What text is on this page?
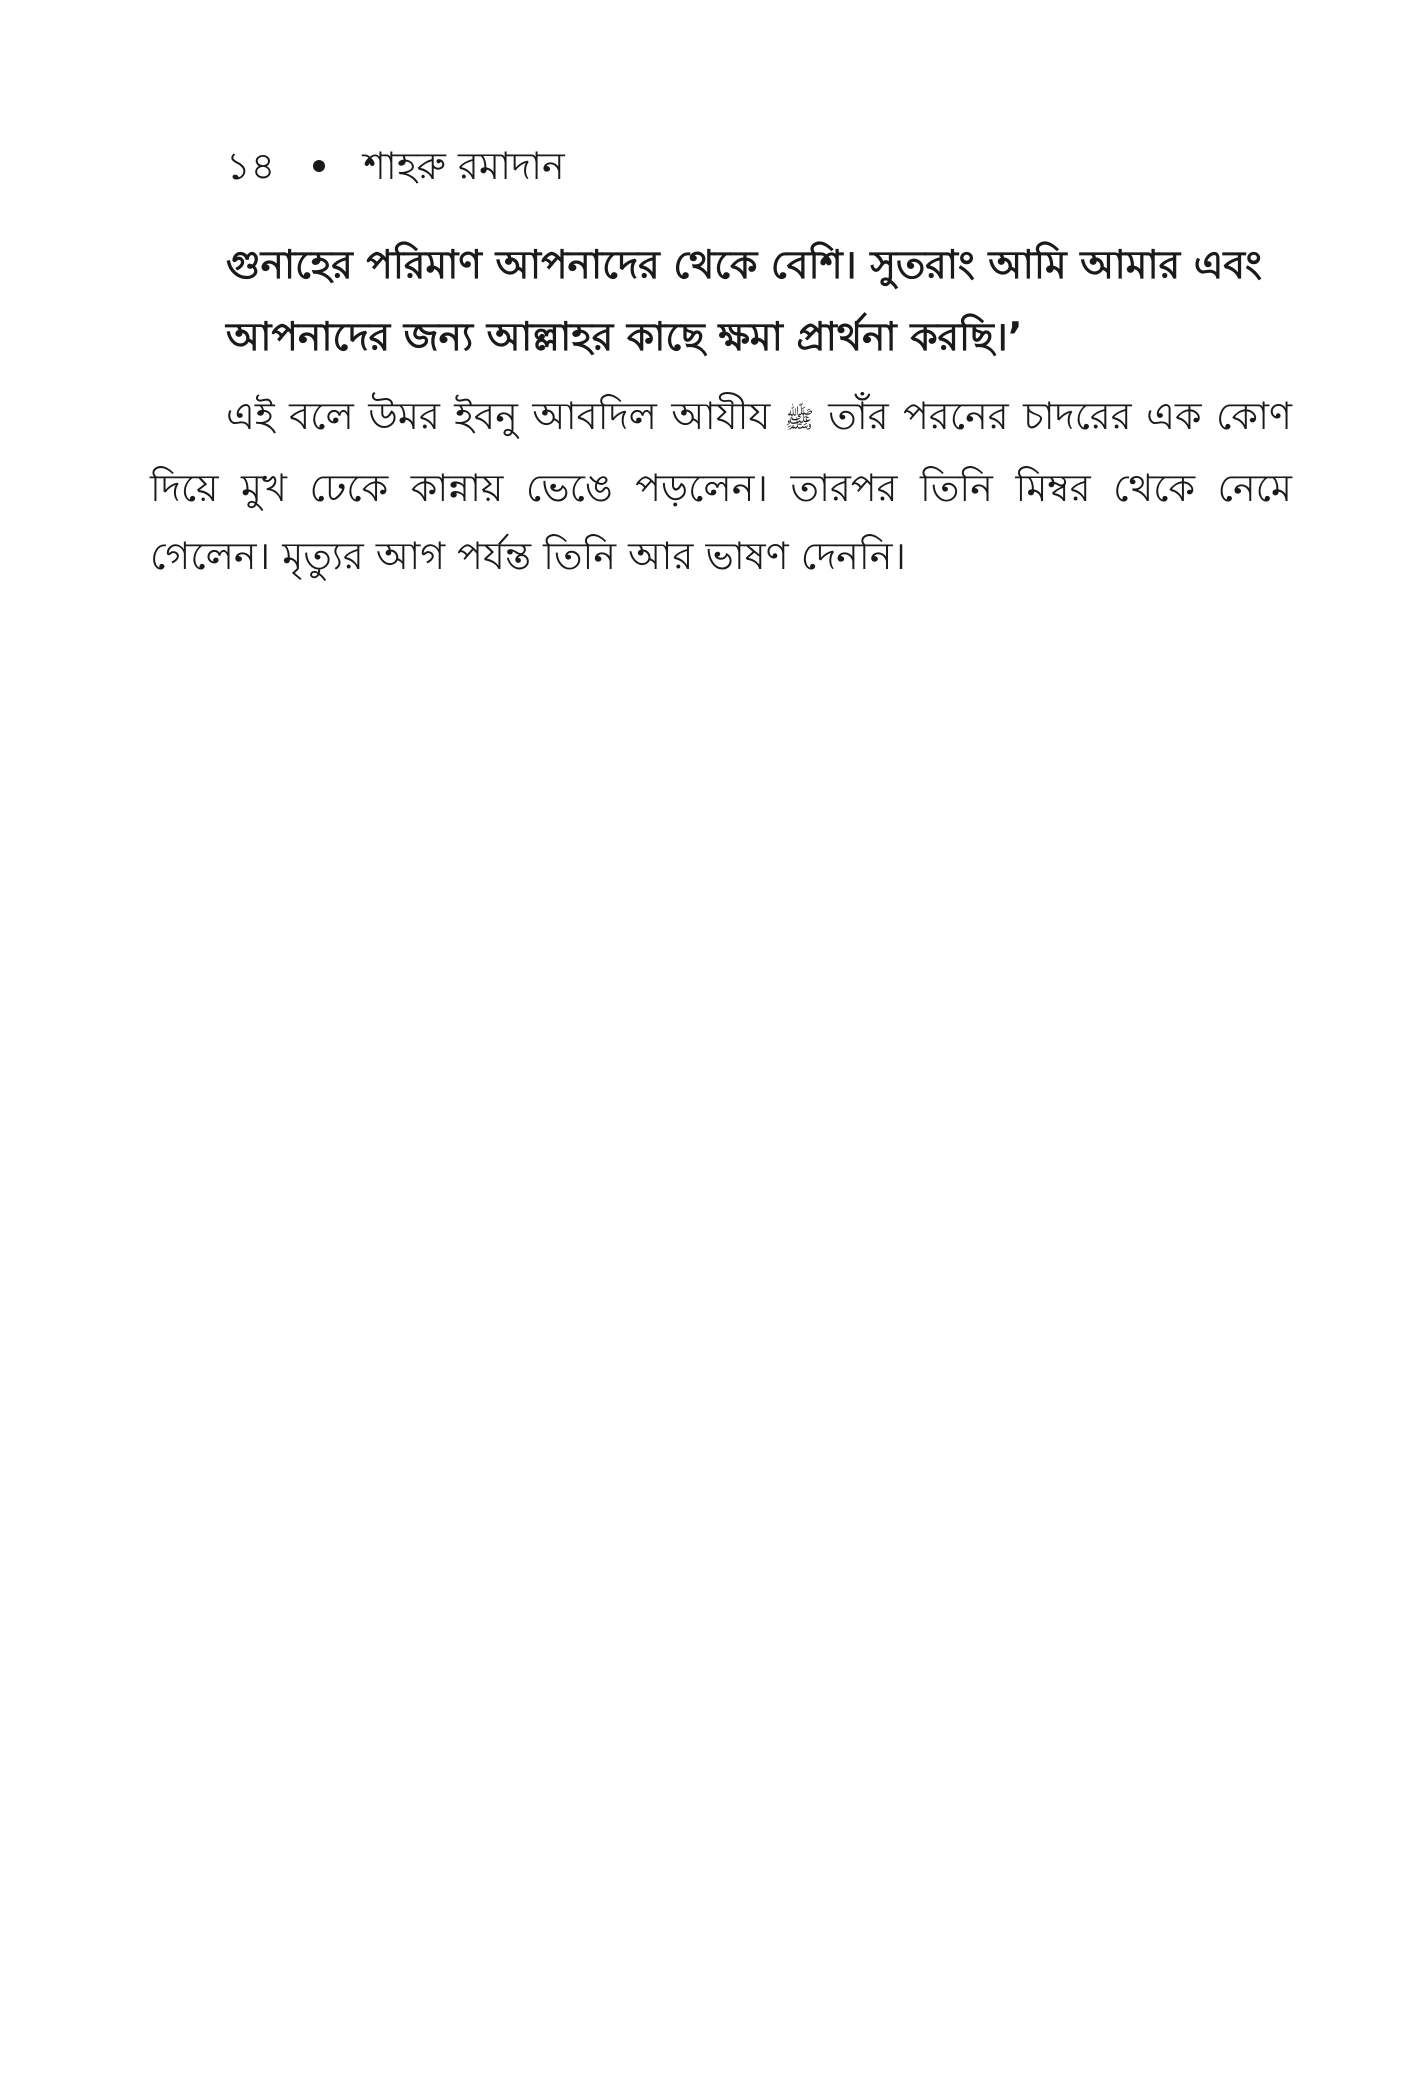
১৪ শাহরু রমাদান

গুনাহের পরিমাণ আপনাদের থেকে বেশি। সুতরাং আমি আমার এবং
আপনাদের জন্য আল্লাহর কাছে ক্ষমা প্রার্থনা করছি।’

এই বলে উমর ইবনু আবদিল আযীয ﷺ তাঁর পরনের চাদরের এক কোণ দিয়ে মুখ ঢেকে কান্নায় ভেঙে পড়লেন। তারপর তিনি মিম্বর থেকে নেমে গেলেন। মৃত্যুর আগ পর্যন্ত তিনি আর ভাষণ দেননি।
